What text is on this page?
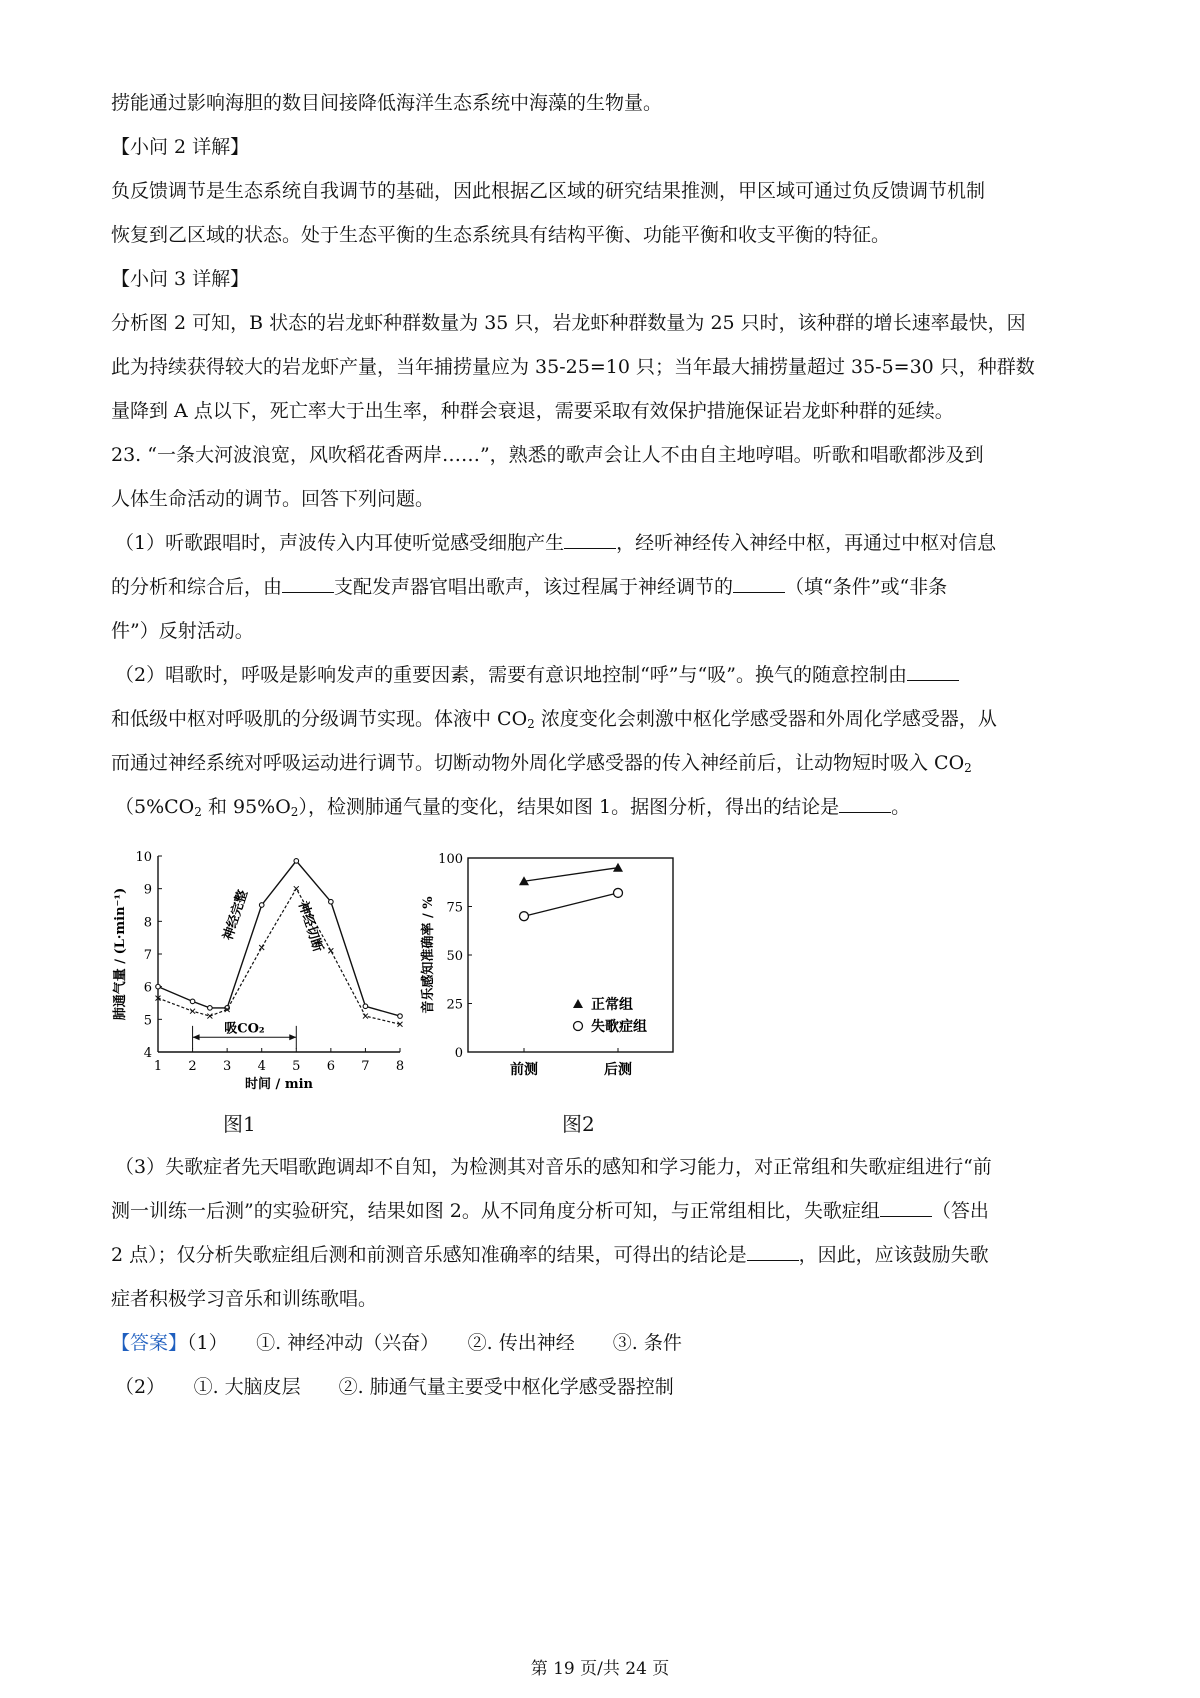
捞能通过影响海胆的数目间接降低海洋生态系统中海藻的生物量。
【小问 2 详解】
负反馈调节是生态系统自我调节的基础，因此根据乙区域的研究结果推测，甲区域可通过负反馈调节机制
恢复到乙区域的状态。处于生态平衡的生态系统具有结构平衡、功能平衡和收支平衡的特征。
【小问 3 详解】
分析图 2 可知，B 状态的岩龙虾种群数量为 35 只，岩龙虾种群数量为 25 只时，该种群的增长速率最快，因
此为持续获得较大的岩龙虾产量，当年捕捞量应为 35-25=10 只；当年最大捕捞量超过 35-5=30 只，种群数
量降到 A 点以下，死亡率大于出生率，种群会衰退，需要采取有效保护措施保证岩龙虾种群的延续。
23. “一条大河波浪宽，风吹稻花香两岸……”，熟悉的歌声会让人不由自主地哼唱。听歌和唱歌都涉及到
人体生命活动的调节。回答下列问题。
（1）听歌跟唱时，声波传入内耳使听觉感受细胞产生	，经听神经传入神经中枢，再通过中枢对信息
的分析和综合后，由	支配发声器官唱出歌声，该过程属于神经调节的	（填“条件”或“非条
件”）反射活动。
（2）唱歌时，呼吸是影响发声的重要因素，需要有意识地控制“呼”与“吸”。换气的随意控制由
和低级中枢对呼吸肌的分级调节实现。体液中 $CO_2$ 浓度变化会刺激中枢化学感受器和外周化学感受器，从
而通过神经系统对呼吸运动进行调节。切断动物外周化学感受器的传入神经前后，让动物短时吸入 $CO_2$
（$5\%CO_2$ 和 $95\%O_2$），检测肺通气量的变化，结果如图 1。据图分析，得出的结论是	。
4
5
6
7
8
9
10
1 2 3 4 5 6 7 8
时间 / min
肺通气量 / (L·min⁻¹)
吸CO₂
神经完整	神经切断
图1
0
25
50
75
100
前测	后测
音乐感知准确率 / %	正常组
失歌症组
图2
（3）失歌症者先天唱歌跑调却不自知，为检测其对音乐的感知和学习能力，对正常组和失歌症组进行“前
测一训练一后测”的实验研究，结果如图 2。从不同角度分析可知，与正常组相比，失歌症组	（答出
2 点）；仅分析失歌症组后测和前测音乐感知准确率的结果，可得出的结论是	，因此，应该鼓励失歌
症者积极学习音乐和训练歌唱。
【答案】（1）　　①. 神经冲动（兴奋）　　②. 传出神经　　③. 条件
（2）　　①. 大脑皮层　　②. 肺通气量主要受中枢化学感受器控制
第 19 页/共 24 页
